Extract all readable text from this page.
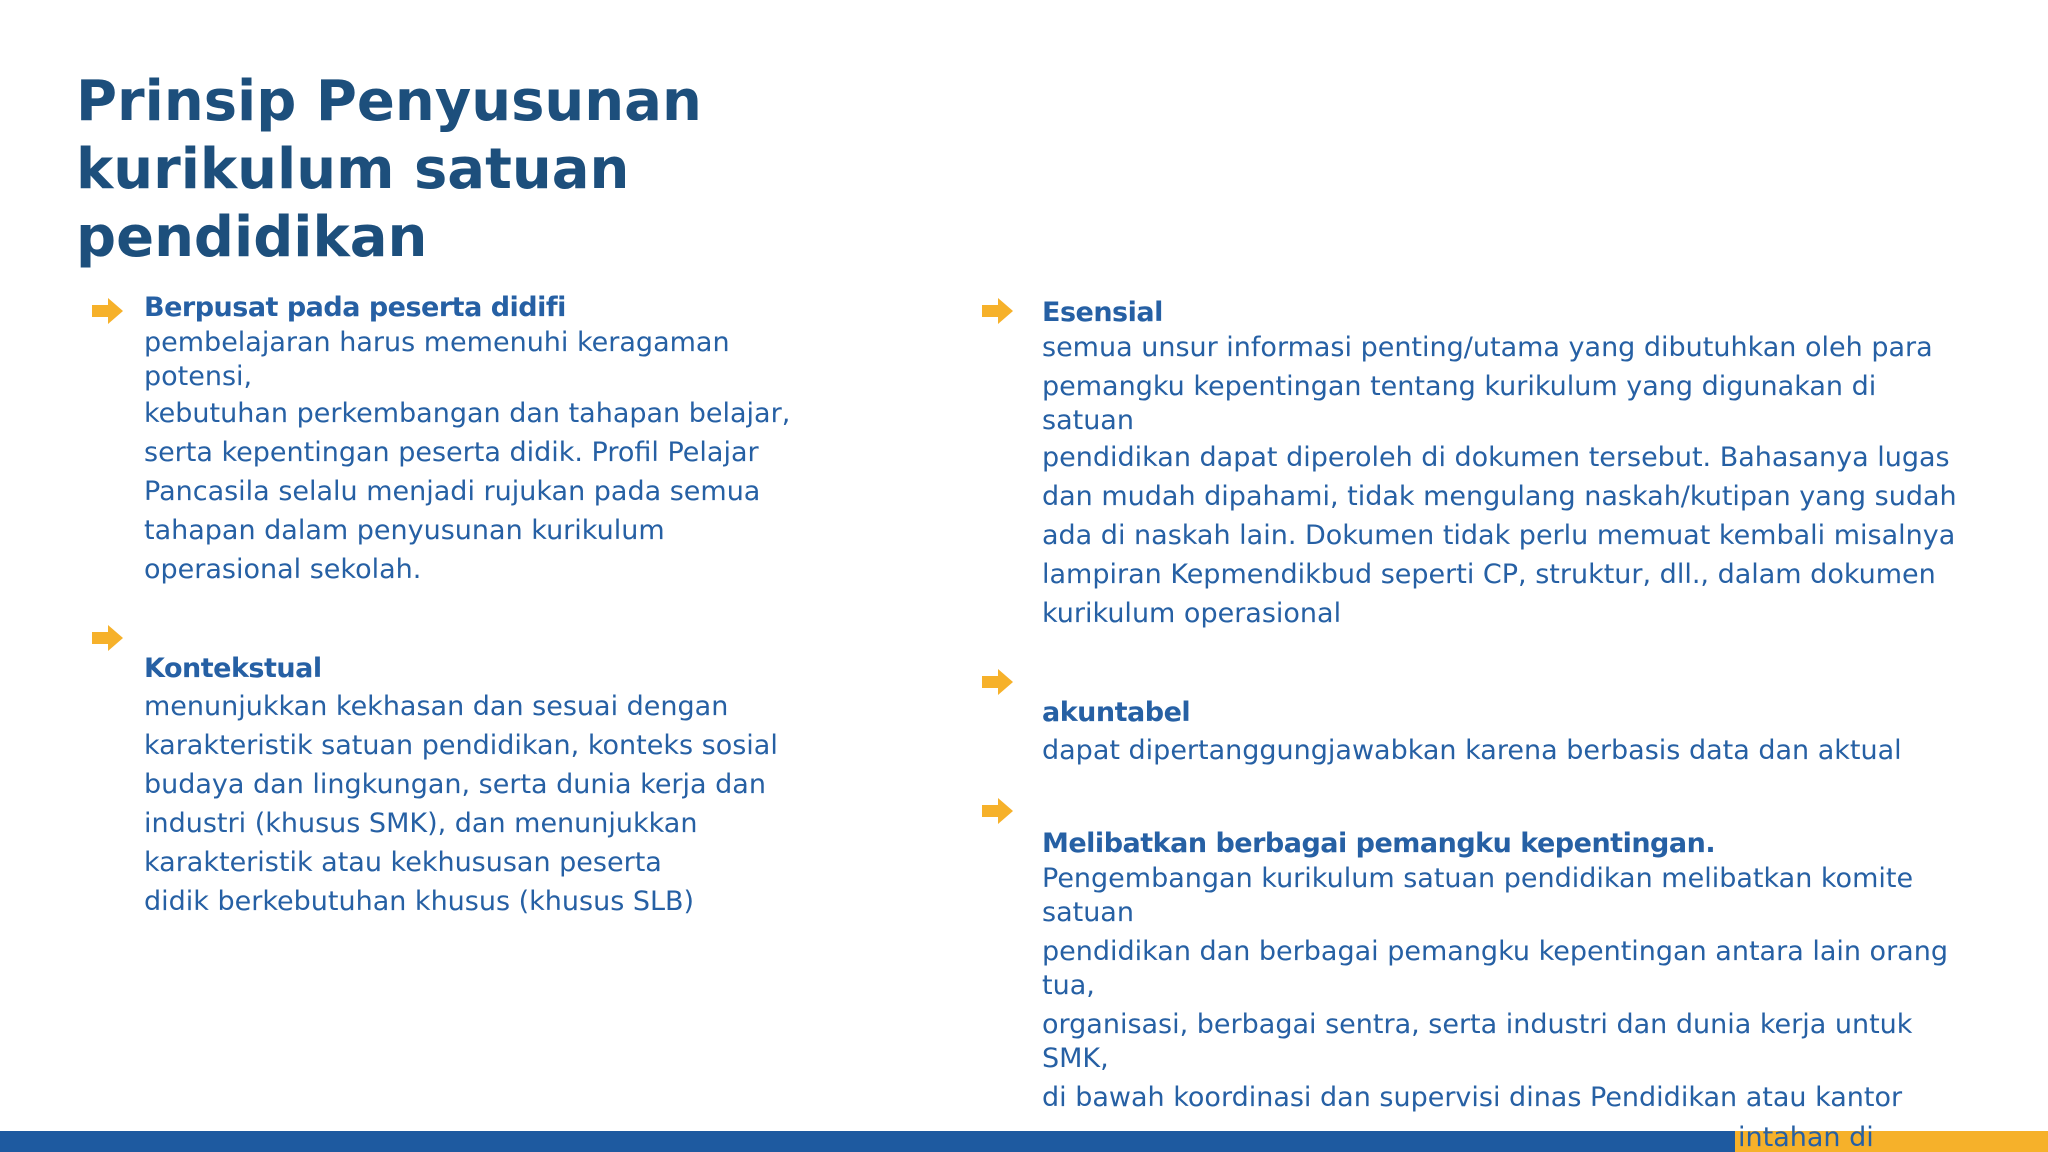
Prinsip Penyusunan kurikulum satuan pendidikan
Berpusat pada peserta didifi
pembelajaran harus memenuhi keragaman
potensi,
kebutuhan perkembangan dan tahapan belajar,
serta kepentingan peserta didik. Profil Pelajar
Pancasila selalu menjadi rujukan pada semua
tahapan dalam penyusunan kurikulum
operasional sekolah.
Kontekstual
menunjukkan kekhasan dan sesuai dengan
karakteristik satuan pendidikan, konteks sosial
budaya dan lingkungan, serta dunia kerja dan
industri (khusus SMK), dan menunjukkan
karakteristik atau kekhususan peserta
didik berkebutuhan khusus (khusus SLB)
Esensial
semua unsur informasi penting/utama yang dibutuhkan oleh para
pemangku kepentingan tentang kurikulum yang digunakan di
satuan
pendidikan dapat diperoleh di dokumen tersebut. Bahasanya lugas
dan mudah dipahami, tidak mengulang naskah/kutipan yang sudah
ada di naskah lain. Dokumen tidak perlu memuat kembali misalnya
lampiran Kepmendikbud seperti CP, struktur, dll., dalam dokumen
kurikulum operasional
akuntabel
dapat dipertanggungjawabkan karena berbasis data dan aktual
Melibatkan berbagai pemangku kepentingan.
Pengembangan kurikulum satuan pendidikan melibatkan komite
satuan
pendidikan dan berbagai pemangku kepentingan antara lain orang
tua,
organisasi, berbagai sentra, serta industri dan dunia kerja untuk
SMK,
di bawah koordinasi dan supervisi dinas Pendidikan atau kantor
intahan di
